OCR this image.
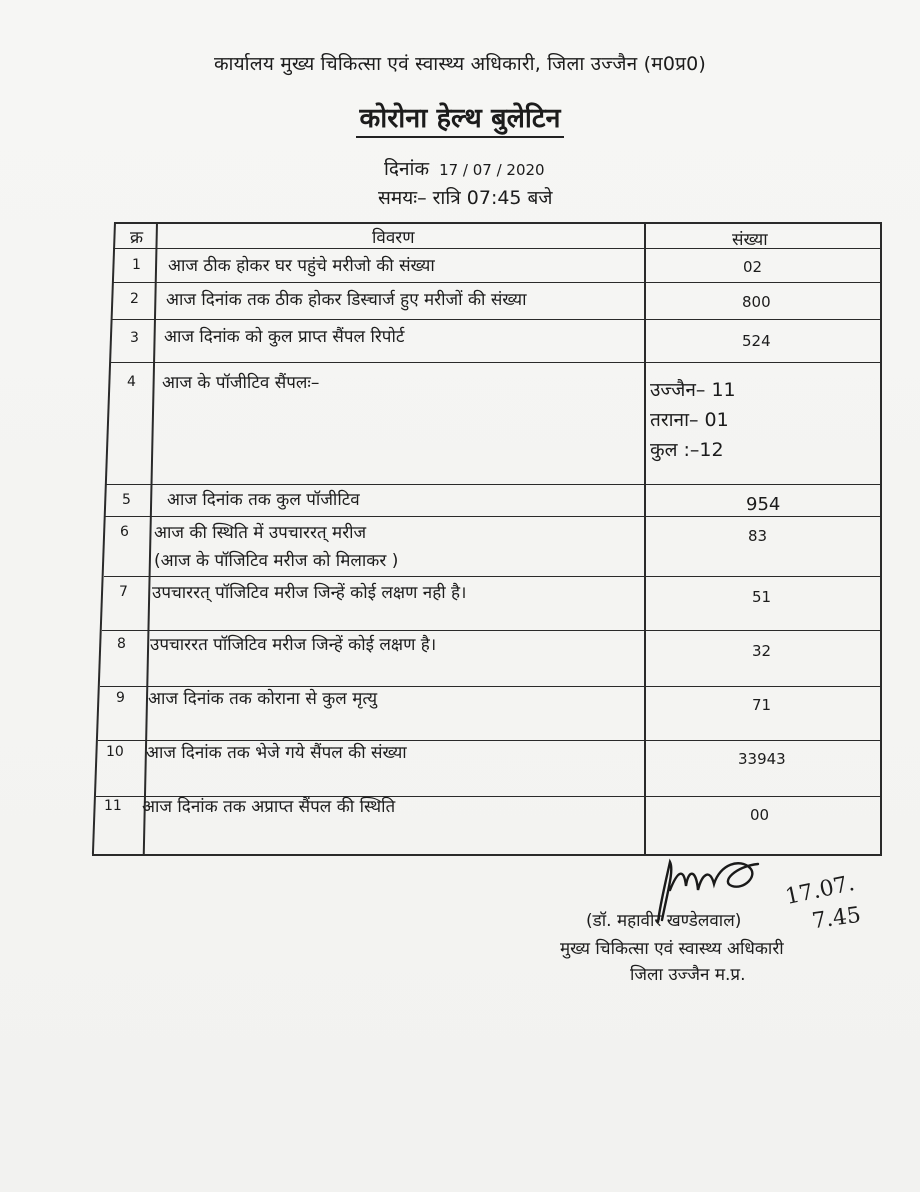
कार्यालय मुख्य चिकित्सा एवं स्वास्थ्य अधिकारी, जिला उज्जैन (म0प्र0)
कोरोना हेल्थ बुलेटिन
दिनांक 17 / 07 / 2020
समयः– रात्रि 07:45 बजे
क्र	विवरण	संख्या
1 आज ठीक होकर घर पहुंचे मरीजो की संख्या	02
2 आज दिनांक तक ठीक होकर डिस्चार्ज हुए मरीजों की संख्या	800
3 आज दिनांक को कुल प्राप्त सैंपल रिपोर्ट	524
4 आज के पॉजीटिव सैंपलः–	उज्जैन– 11
तराना– 01
कुल :–12
5 आज दिनांक तक कुल पॉजीटिव	954
6 आज की स्थिति में उपचाररत् मरीज
(आज के पॉजिटिव मरीज को मिलाकर )
83
7 उपचाररत् पॉजिटिव मरीज जिन्हें कोई लक्षण नही है।	51
8 उपचाररत पॉजिटिव मरीज जिन्हें कोई लक्षण है।	32
9 आज दिनांक तक कोराना से कुल मृत्यु	71
10 आज दिनांक तक भेजे गये सैंपल की संख्या	33943
11 आज दिनांक तक अप्राप्त सैंपल की स्थिति	00
17.07.
7.45
(डॉ. महावीर खण्डेलवाल)
मुख्य चिकित्सा एवं स्वास्थ्य अधिकारी
जिला उज्जैन म.प्र.
